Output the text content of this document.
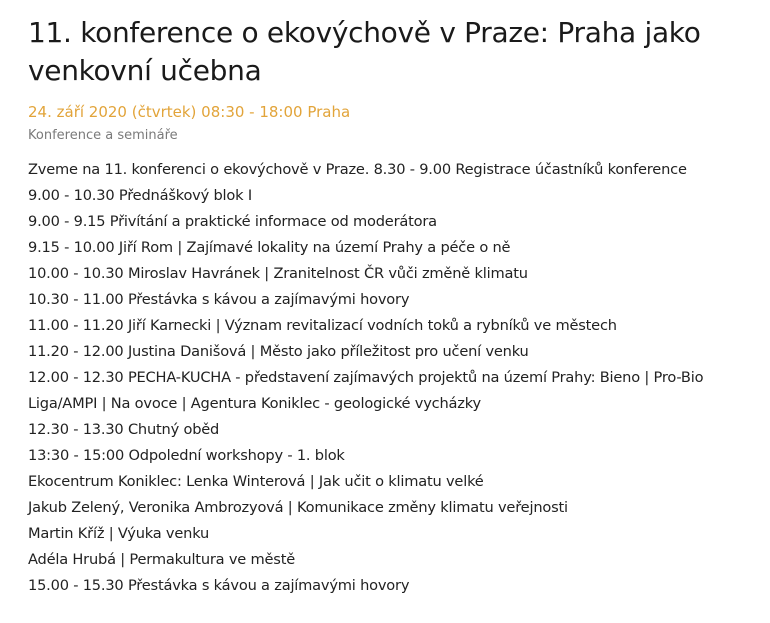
11. konference o ekovýchově v Praze: Praha jako venkovní učebna
24. září 2020 (čtvrtek) 08:30 - 18:00 Praha
Konference a semináře
Zveme na 11. konferenci o ekovýchově v Praze. 8.30 - 9.00 Registrace účastníků konference
9.00 - 10.30 Přednáškový blok I
9.00 - 9.15 Přivítání a praktické informace od moderátora
9.15 - 10.00 Jiří Rom | Zajímavé lokality na území Prahy a péče o ně
10.00 - 10.30 Miroslav Havránek | Zranitelnost ČR vůči změně klimatu
10.30 - 11.00 Přestávka s kávou a zajímavými hovory
11.00 - 11.20 Jiří Karnecki | Význam revitalizací vodních toků a rybníků ve městech
11.20 - 12.00 Justina Danišová | Město jako příležitost pro učení venku
12.00 - 12.30 PECHA-KUCHA - představení zajímavých projektů na území Prahy: Bieno | Pro-Bio
Liga/AMPI | Na ovoce | Agentura Koniklec - geologické vycházky
12.30 - 13.30 Chutný oběd
13:30 - 15:00 Odpolední workshopy - 1. blok
Ekocentrum Koniklec: Lenka Winterová | Jak učit o klimatu velké
Jakub Zelený, Veronika Ambrozyová | Komunikace změny klimatu veřejnosti
Martin Kříž | Výuka venku
Adéla Hrubá | Permakultura ve městě
15.00 - 15.30 Přestávka s kávou a zajímavými hovory
